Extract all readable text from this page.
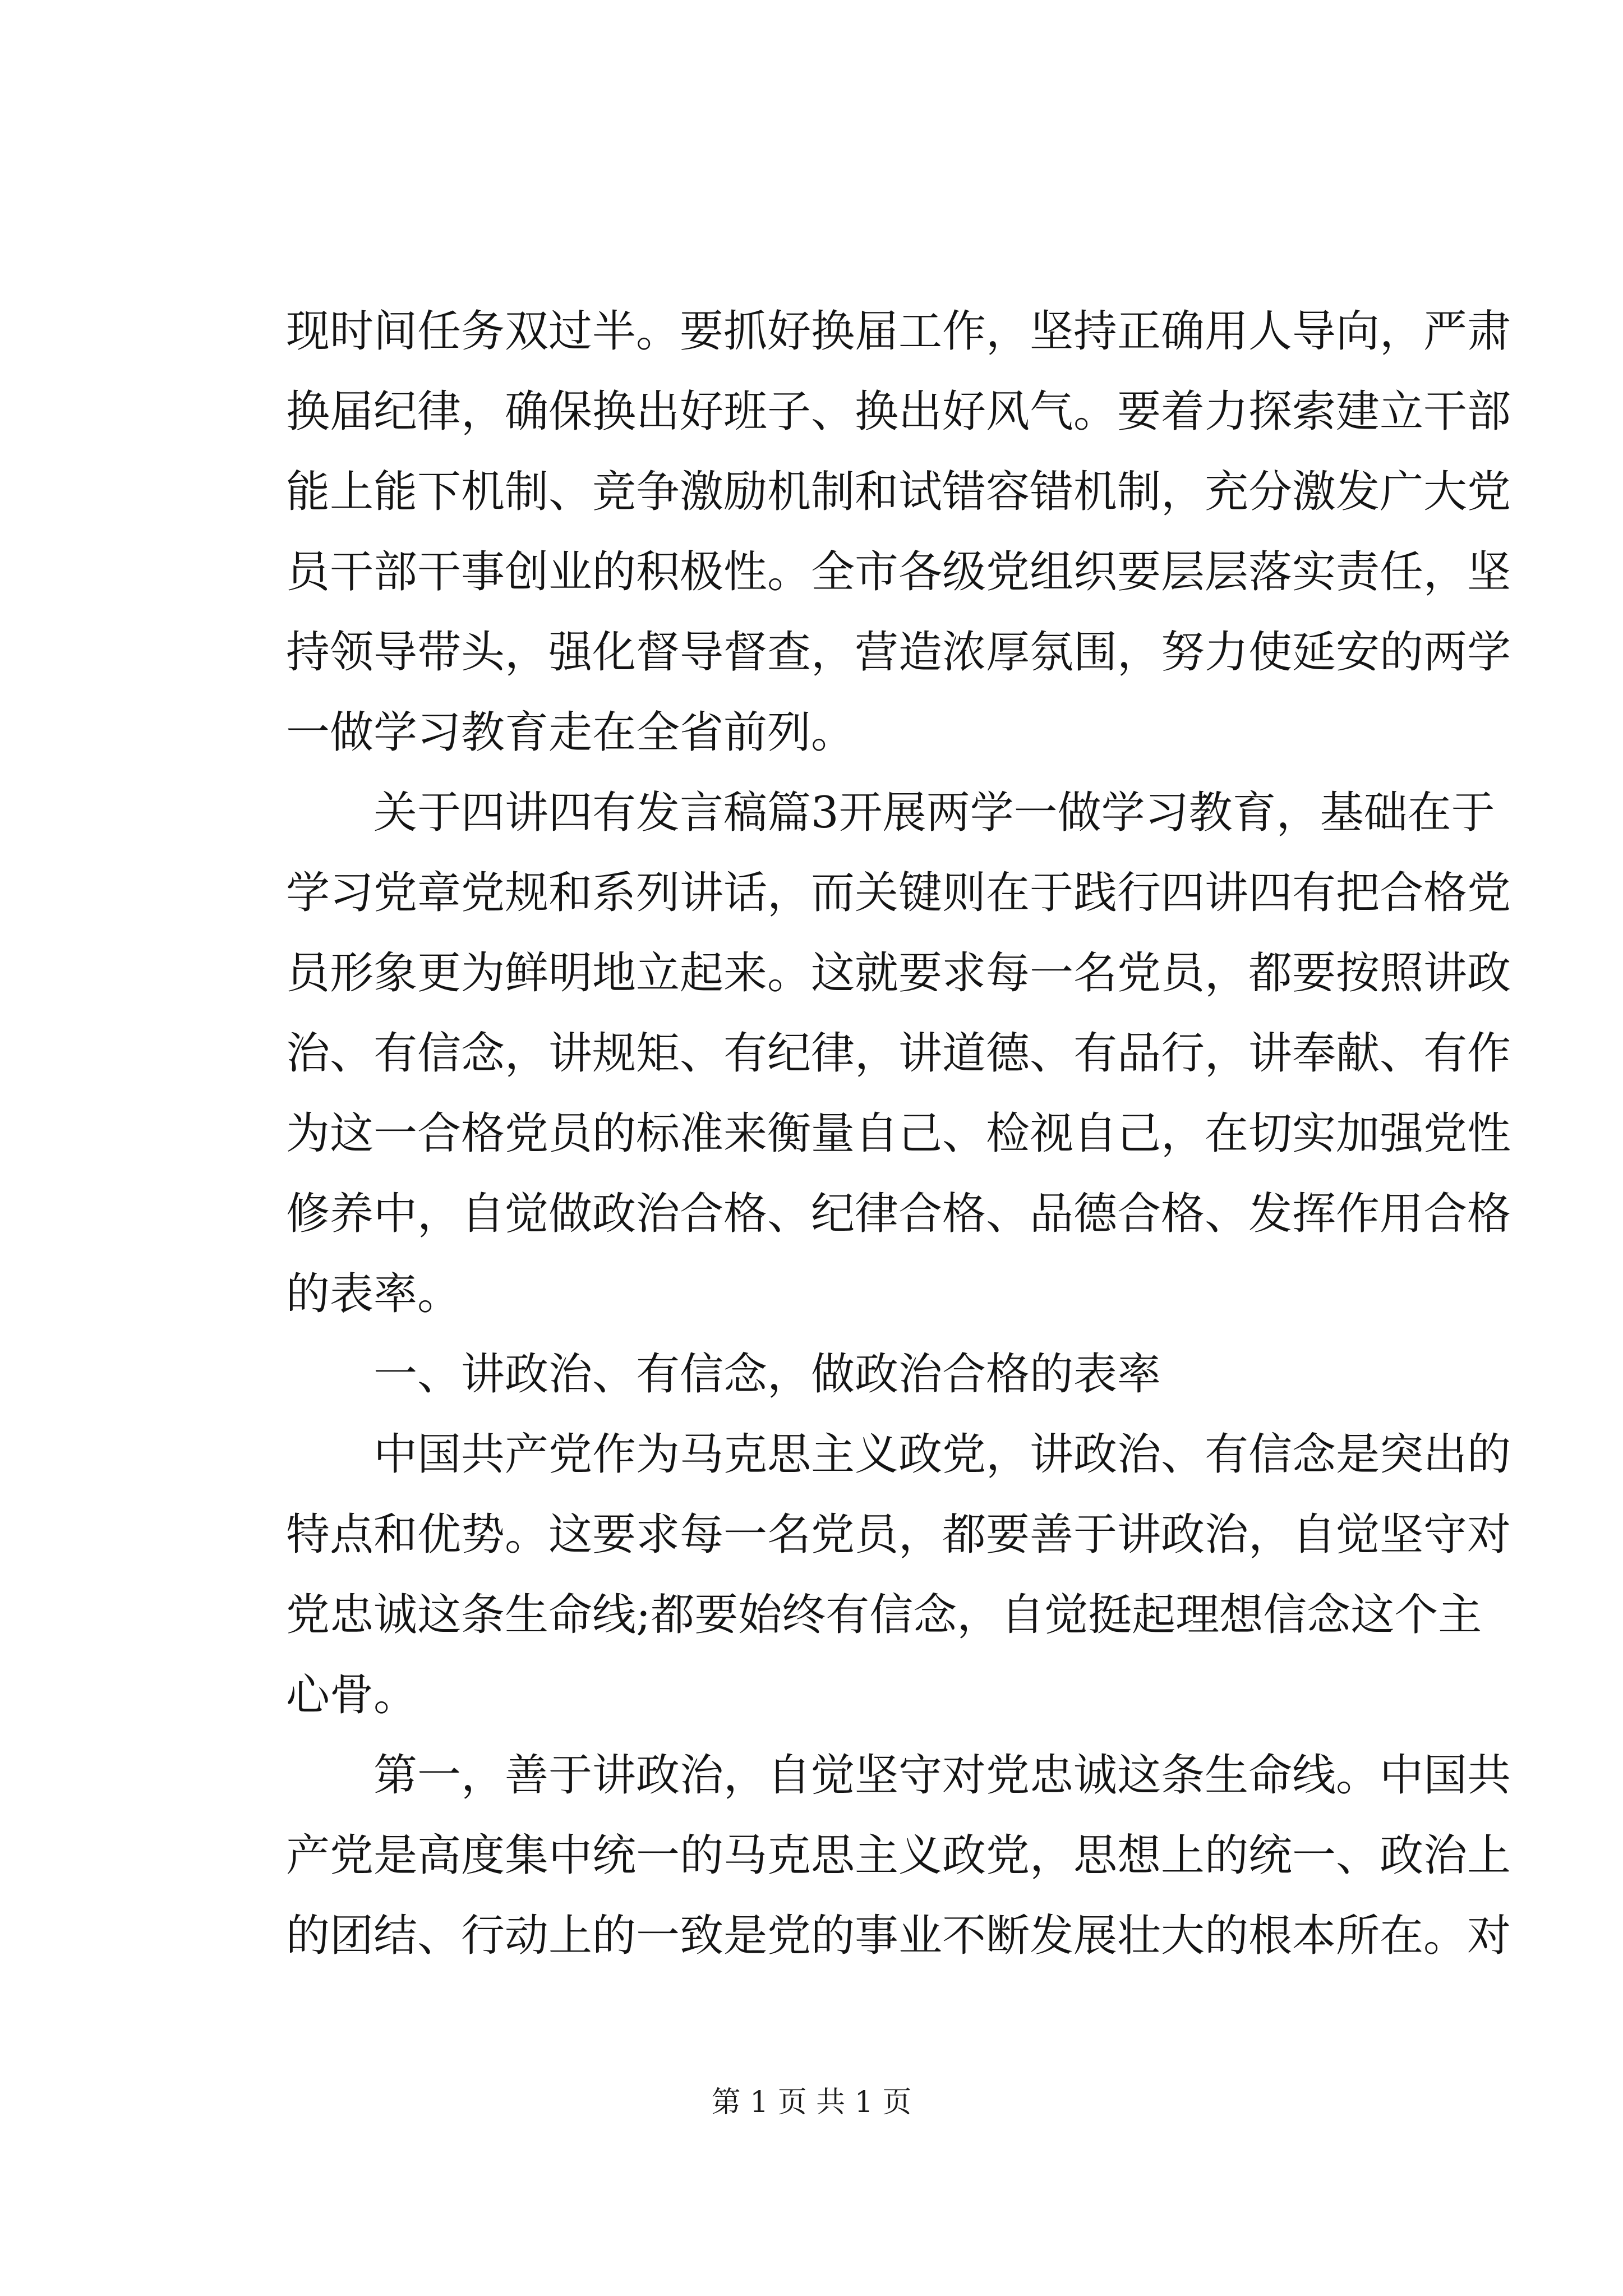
现时间任务双过半。要抓好换届工作，坚持正确用人导向，严肃
换届纪律，确保换出好班子、换出好风气。要着力探索建立干部
能上能下机制、竞争激励机制和试错容错机制，充分激发广大党
员干部干事创业的积极性。全市各级党组织要层层落实责任，坚
持领导带头，强化督导督查，营造浓厚氛围，努力使延安的两学
一做学习教育走在全省前列。
关于四讲四有发言稿篇3开展两学一做学习教育，基础在于
学习党章党规和系列讲话，而关键则在于践行四讲四有把合格党
员形象更为鲜明地立起来。这就要求每一名党员，都要按照讲政
治、有信念，讲规矩、有纪律，讲道德、有品行，讲奉献、有作
为这一合格党员的标准来衡量自己、检视自己，在切实加强党性
修养中，自觉做政治合格、纪律合格、品德合格、发挥作用合格
的表率。
一、讲政治、有信念，做政治合格的表率
中国共产党作为马克思主义政党，讲政治、有信念是突出的
特点和优势。这要求每一名党员，都要善于讲政治，自觉坚守对
党忠诚这条生命线;都要始终有信念，自觉挺起理想信念这个主
心骨。
第一，善于讲政治，自觉坚守对党忠诚这条生命线。中国共
产党是高度集中统一的马克思主义政党，思想上的统一、政治上
的团结、行动上的一致是党的事业不断发展壮大的根本所在。对
第 1 页 共 1 页
